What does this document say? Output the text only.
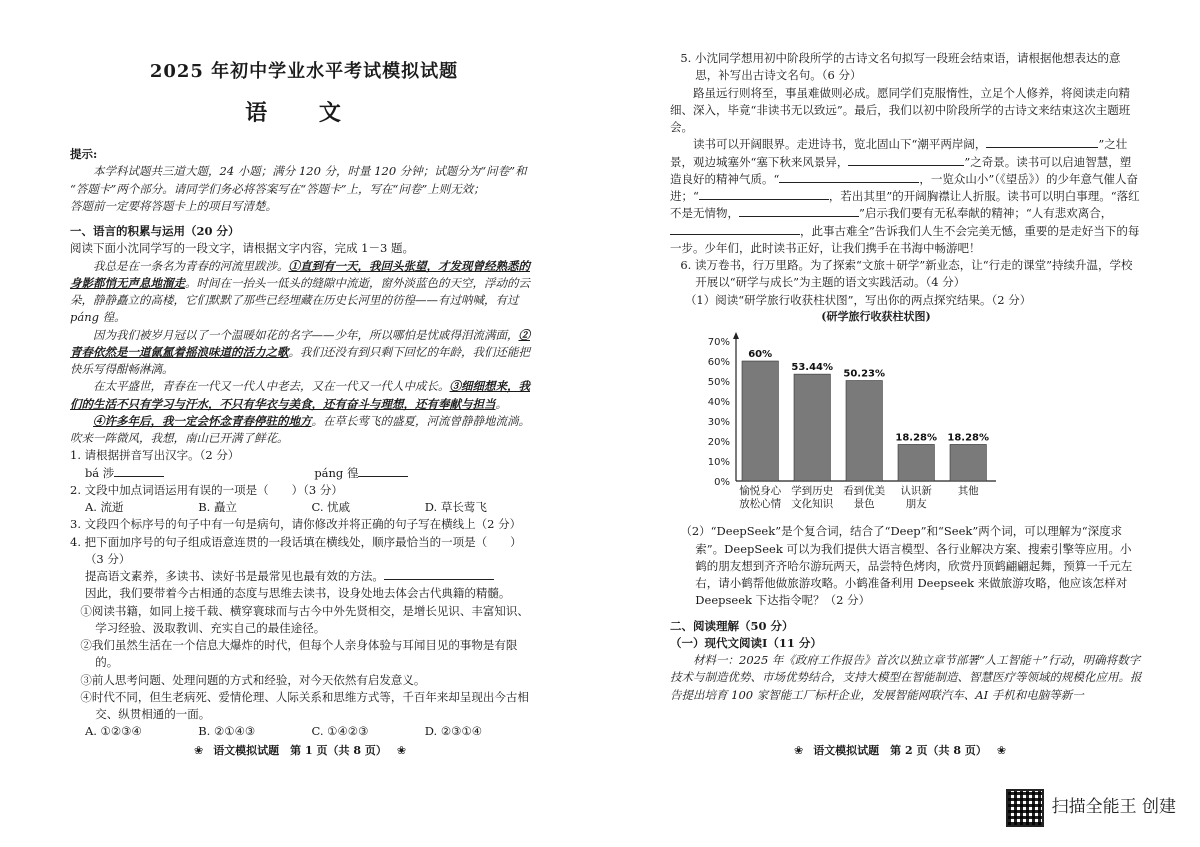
2025 年初中学业水平考试模拟试题
语 文

提示:

本学科试题共三道大题，24 小题；满分 120 分，时量 120 分钟；试题分为“问卷”和

“答题卡”两个部分。请同学们务必将答案写在“答题卡”上，写在“问卷”上则无效；

答题前一定要将答题卡上的项目写清楚。

一、语言的积累与运用（20 分）

阅读下面小沈同学写的一段文字，请根据文字内容，完成 1－3 题。

我总是在一条名为青春的河流里跋涉。①直到有一天，我回头张望，才发现曾经熟悉的身影都悄无声息地溜走。时间在一抬头一低头的缝隙中流逝，窗外淡蓝色的天空，浮动的云朵，静静矗立的高楼，它们默默了那些已经埋藏在历史长河里的彷徨——有过呐喊，有过 páng 徨。

因为我们被岁月冠以了一个温暖如花的名字——少年，所以哪怕是忧戚得泪流满面，②青春依然是一道氤氲着摇浪味道的活力之歌。我们还没有到只剩下回忆的年龄，我们还能把快乐写得酣畅淋漓。

在太平盛世，青春在一代又一代人中老去，又在一代又一代人中成长。③细细想来，我们的生活不只有学习与汗水，不只有华衣与美食，还有奋斗与理想，还有奉献与担当。

④许多年后，我一定会怀念青春停驻的地方。在草长莺飞的盛夏，河流曾静静地流淌。吹来一阵微风，我想，南山已开满了鲜花。

1. 请根据拼音写出汉字。（2 分）

bá 涉	páng 徨

2. 文段中加点词语运用有误的一项是（　　）（3 分）

A. 流逝	B. 矗立	C. 忧戚	D. 草长莺飞

3. 文段四个标序号的句子中有一句是病句，请你修改并将正确的句子写在横线上（2 分）

4. 把下面加序号的句子组成语意连贯的一段话填在横线处，顺序最恰当的一项是（　　）

（3 分）

提高语文素养，多读书、读好书是最常见也最有效的方法。

因此，我们要带着今古相通的态度与思维去读书，设身处地去体会古代典籍的精髓。

①阅读书籍，如同上接千载、横穿寰球而与古今中外先贤相交，是增长见识、丰富知识、学习经验、汲取教训、充实自己的最佳途径。

②我们虽然生活在一个信息大爆炸的时代，但每个人亲身体验与耳闻目见的事物是有限的。

③前人思考问题、处理问题的方式和经验，对今天依然有启发意义。

④时代不同，但生老病死、爱情伦理、人际关系和思维方式等，千百年来却呈现出今古相交、纵贯相通的一面。

A. ①②③④	B. ②①④③	C. ①④②③	D. ②③①④
❀ 语文模拟试题　第 1 页（共 8 页） ❀

5. 小沈同学想用初中阶段所学的古诗文名句拟写一段班会结束语，请根据他想表达的意思，补写出古诗文名句。（6 分）

路虽远行则将至，事虽难做则必成。愿同学们克服惰性，立足个人修养，将阅读走向精细、深入，毕竟“非读书无以致远”。最后，我们以初中阶段所学的古诗文来结束这次主题班会。

读书可以开阔眼界。走进诗书，览北固山下“潮平两岸阔，	”之壮景，观边城塞外“塞下秋来风景异，	”之奇景。读书可以启迪智慧，塑造良好的精神气质。“	，一览众山小”（《望岳》）的少年意气催人奋进；“	，若出其里”的开阔胸襟让人折服。读书可以明白事理。“落红不是无情物，	”启示我们要有无私奉献的精神；“人有悲欢离合，，此事古难全”告诉我们人生不会完美无憾，重要的是走好当下的每一步。少年们，此时读书正好，让我们携手在书海中畅游吧！

6. 读万卷书，行万里路。为了探索“文旅＋研学”新业态，让“行走的课堂”持续升温，学校开展以“研学与成长”为主题的语文实践活动。（4 分）

（1）阅读“研学旅行收获柱状图”，写出你的两点探究结果。（2 分）

(研学旅行收获柱状图)
0%
10%
20%
30%
40%
50%
60%
70%
60%
愉悦身心
放松心情
53.44%
学到历史
文化知识
50.23%
看到优美
景色
18.28%
认识新
朋友
18.28%
其他

（2）“DeepSeek”是个复合词，结合了“Deep”和“Seek”两个词，可以理解为“深度求索”。DeepSeek 可以为我们提供大语言模型、各行业解决方案、搜索引擎等应用。小鹤的朋友想到齐齐哈尔游玩两天，品尝特色烤肉，欣赏丹顶鹤翩翩起舞，预算一千元左右，请小鹤帮他做旅游攻略。小鹤准备利用 Deepseek 来做旅游攻略，他应该怎样对 Deepseek 下达指令呢？（2 分）

二、阅读理解（50 分）

（一）现代文阅读Ⅰ（11 分）

材料一：2025 年《政府工作报告》首次以独立章节部署“人工智能＋”行动，明确将数字技术与制造优势、市场优势结合，支持大模型在智能制造、智慧医疗等领域的规模化应用。报告提出培育 100 家智能工厂标杆企业，发展智能网联汽车、AI 手机和电脑等新一

❀ 语文模拟试题　第 2 页（共 8 页） ❀
扫描全能王 创建
